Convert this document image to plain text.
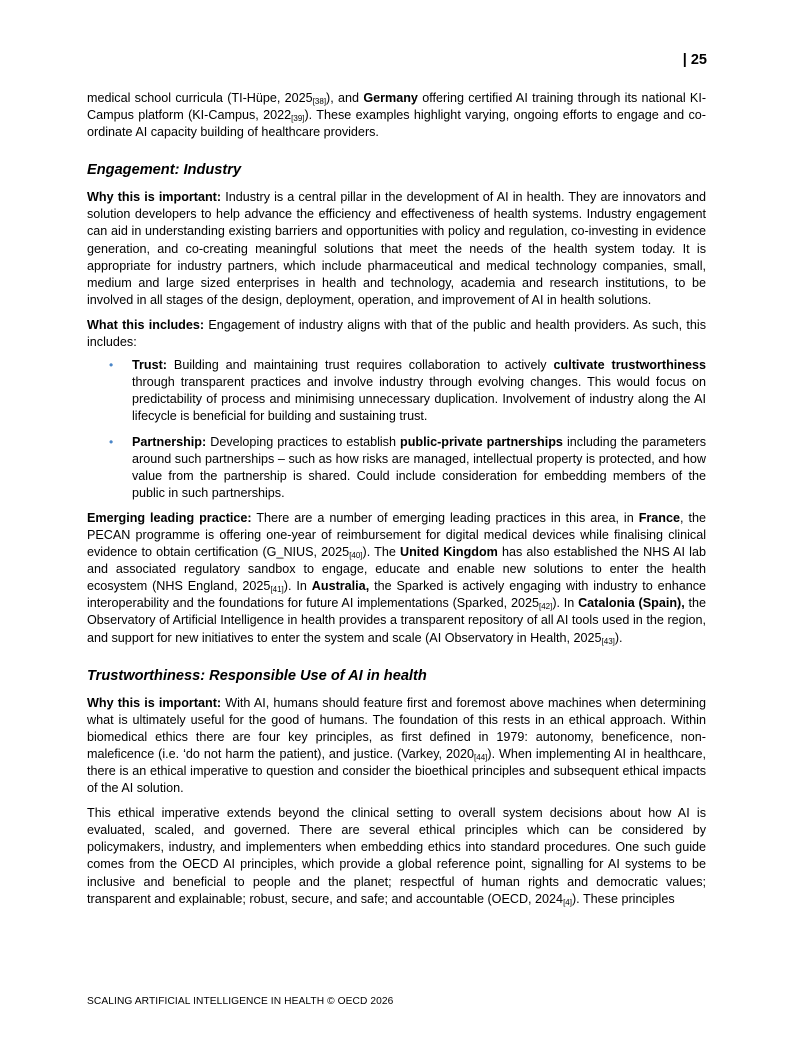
| 25

medical school curricula (TI-Hüpe, $2025_{[38]}$), and Germany offering certified AI training through its national KI-Campus platform (KI-Campus, $2022_{[39]}$). These examples highlight varying, ongoing efforts to engage and co-ordinate AI capacity building of healthcare providers.

Engagement: Industry

Why this is important: Industry is a central pillar in the development of AI in health. They are innovators and solution developers to help advance the efficiency and effectiveness of health systems. Industry engagement can aid in understanding existing barriers and opportunities with policy and regulation, co-investing in evidence generation, and co-creating meaningful solutions that meet the needs of the health system today. It is appropriate for industry partners, which include pharmaceutical and medical technology companies, small, medium and large sized enterprises in health and technology, academia and research institutions, to be involved in all stages of the design, deployment, operation, and improvement of AI in health solutions.

What this includes: Engagement of industry aligns with that of the public and health providers. As such, this includes:

• Trust: Building and maintaining trust requires collaboration to actively cultivate trustworthiness through transparent practices and involve industry through evolving changes. This would focus on predictability of process and minimising unnecessary duplication. Involvement of industry along the AI lifecycle is beneficial for building and sustaining trust.
• Partnership: Developing practices to establish public-private partnerships including the parameters around such partnerships – such as how risks are managed, intellectual property is protected, and how value from the partnership is shared. Could include consideration for embedding members of the public in such partnerships.

Emerging leading practice: There are a number of emerging leading practices in this area, in France, the PECAN programme is offering one-year of reimbursement for digital medical devices while finalising clinical evidence to obtain certification (G_NIUS, $2025_{[40]}$). The United Kingdom has also established the NHS AI lab and associated regulatory sandbox to engage, educate and enable new solutions to enter the health ecosystem (NHS England, $2025_{[41]}$). In Australia, the Sparked is actively engaging with industry to enhance interoperability and the foundations for future AI implementations (Sparked, $2025_{[42]}$). In Catalonia (Spain), the Observatory of Artificial Intelligence in health provides a transparent repository of all AI tools used in the region, and support for new initiatives to enter the system and scale (AI Observatory in Health, $2025_{[43]}$).

Trustworthiness: Responsible Use of AI in health

Why this is important: With AI, humans should feature first and foremost above machines when determining what is ultimately useful for the good of humans. The foundation of this rests in an ethical approach. Within biomedical ethics there are four key principles, as first defined in 1979: autonomy, beneficence, non-maleficence (i.e. ‘do not harm the patient), and justice. (Varkey, $2020_{[44]}$). When implementing AI in healthcare, there is an ethical imperative to question and consider the bioethical principles and subsequent ethical impacts of the AI solution.

This ethical imperative extends beyond the clinical setting to overall system decisions about how AI is evaluated, scaled, and governed. There are several ethical principles which can be considered by policymakers, industry, and implementers when embedding ethics into standard procedures. One such guide comes from the OECD AI principles, which provide a global reference point, signalling for AI systems to be inclusive and beneficial to people and the planet; respectful of human rights and democratic values; transparent and explainable; robust, secure, and safe; and accountable (OECD, $2024_{[4]}$). These principles

SCALING ARTIFICIAL INTELLIGENCE IN HEALTH © OECD 2026
